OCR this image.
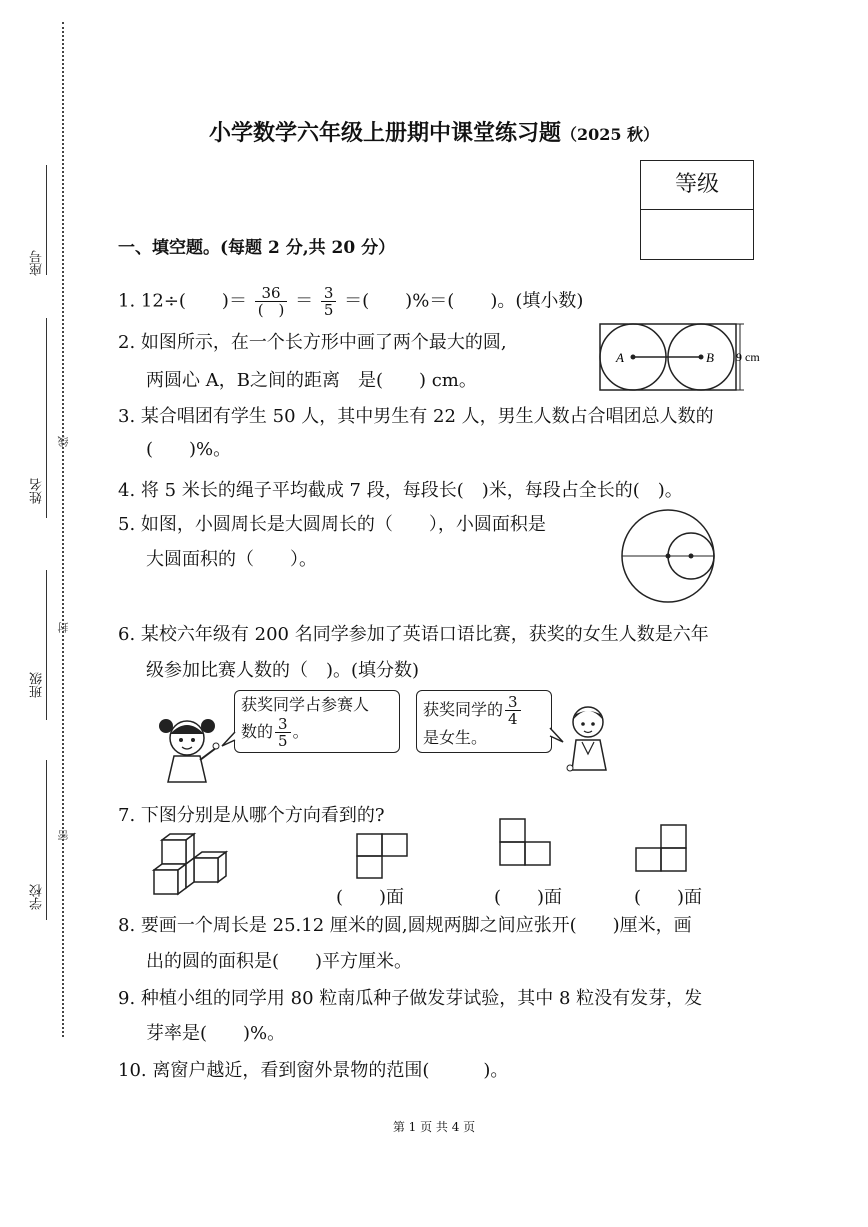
座号
姓名
线
班级
封
学校
密
小学数学六年级上册期中课堂练习题（2025 秋）
等级
一、填空题。(每题 2 分,共 20 分）
1. 12÷(　　)＝ $\frac{36}{( )} = \frac{3}{5}$ ＝(　　)%＝(　　)。(填小数)
2. 如图所示，在一个长方形中画了两个最大的圆,
两圆心 A，B之间的距离　是(　　) cm。
A	B 9 cm
3. 某合唱团有学生 50 人，其中男生有 22 人，男生人数占合唱团总人数的
(　　)%。
4. 将 5 米长的绳子平均截成 7 段，每段长(　)米，每段占全长的(　)。
5. 如图，小圆周长是大圆周长的（　　），小圆面积是
大圆面积的（　　）。
6. 某校六年级有 200 名同学参加了英语口语比赛，获奖的女生人数是六年
级参加比赛人数的（　)。(填分数)
获奖同学占参赛人
数的 $\frac{3}{5}$ 。
获奖同学的 $\frac{3}{4}$
是女生。
7. 下图分别是从哪个方向看到的?
(　　)面	(　　)面	(　　)面
8. 要画一个周长是 25.12 厘米的圆,圆规两脚之间应张开(　　)厘米，画
出的圆的面积是(　　)平方厘米。
9. 种植小组的同学用 80 粒南瓜种子做发芽试验，其中 8 粒没有发芽，发
芽率是(　　)%。
10. 离窗户越近，看到窗外景物的范围(　　　)。
第 1 页 共 4 页
